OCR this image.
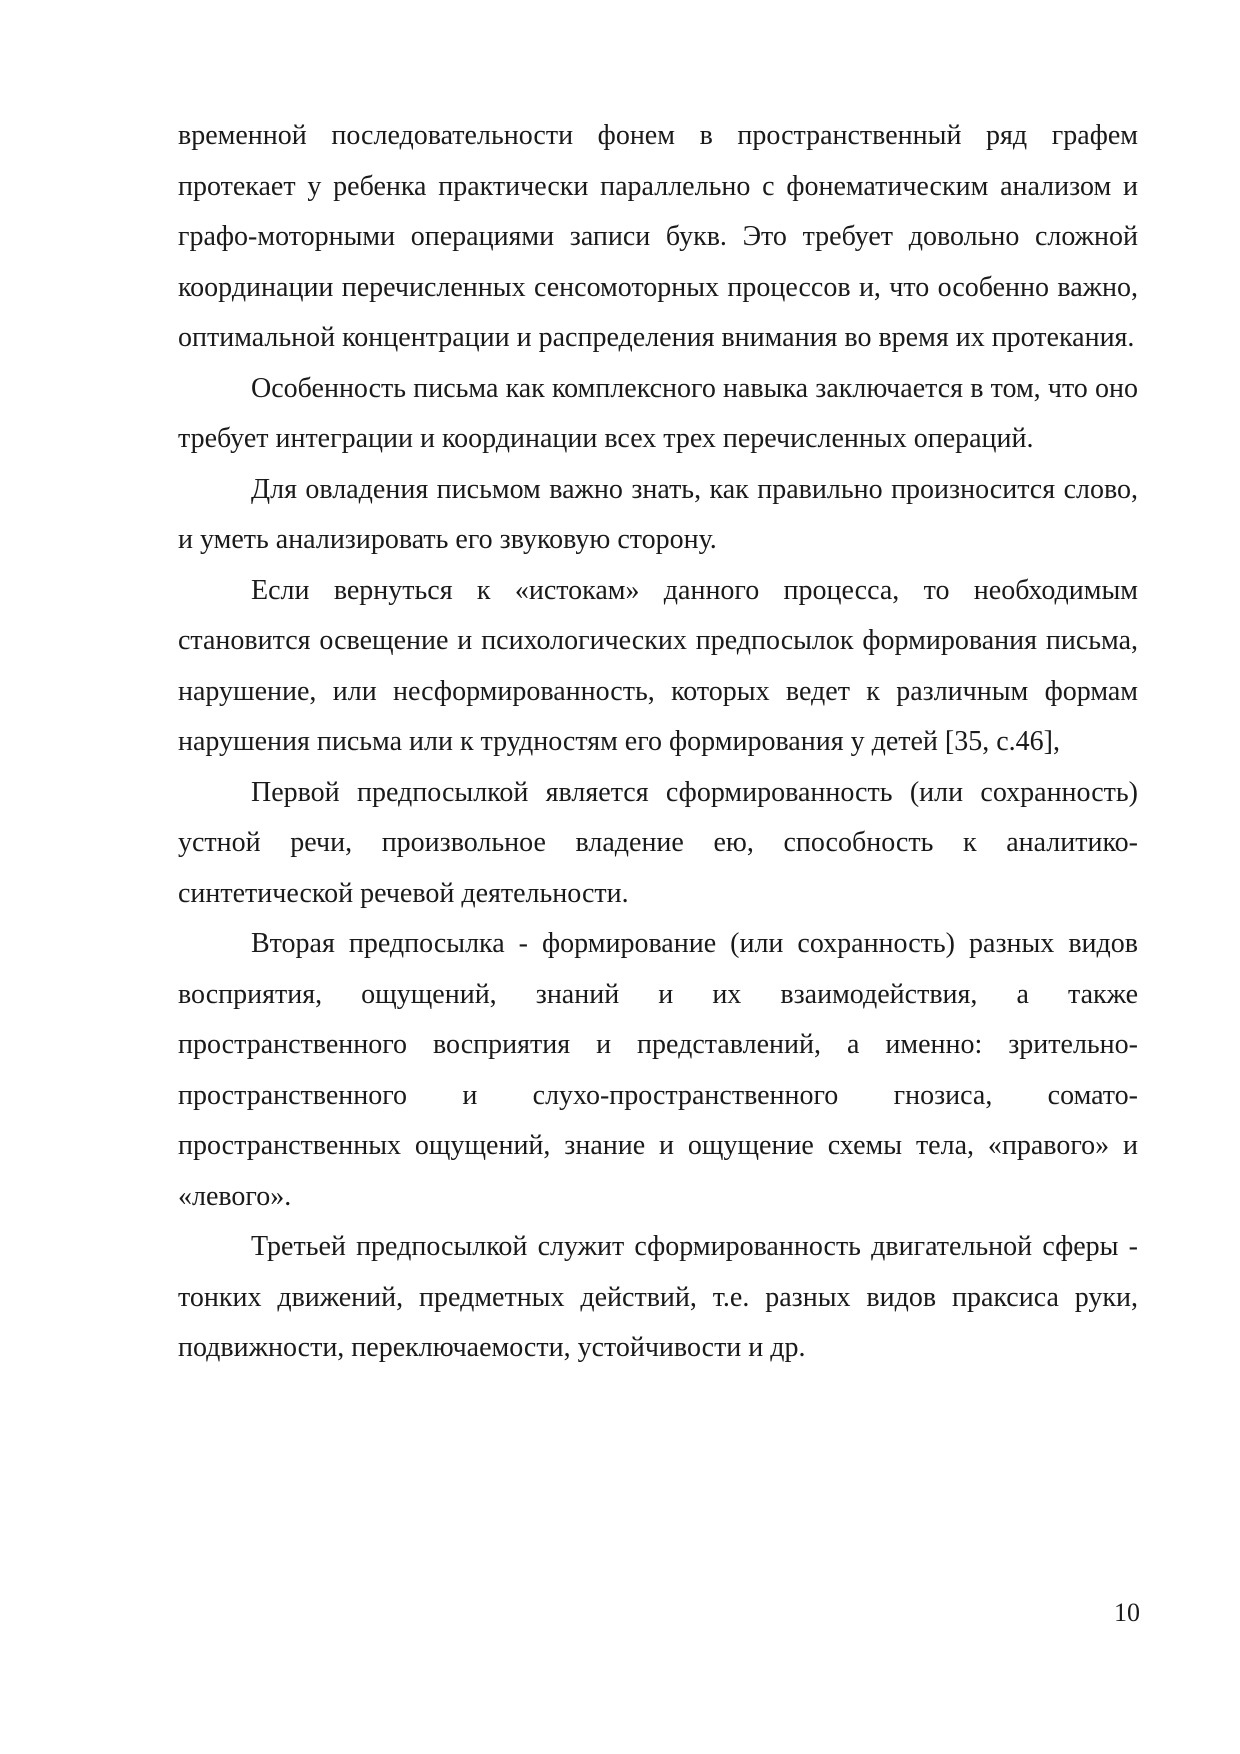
временной последовательности фонем в пространственный ряд графем протекает у ребенка практически параллельно с фонематическим анализом и графо-моторными операциями записи букв. Это требует довольно сложной координации перечисленных сенсомоторных процессов и, что особенно важно, оптимальной концентрации и распределения внимания во время их протекания.

Особенность письма как комплексного навыка заключается в том, что оно требует интеграции и координации всех трех перечисленных операций.

Для овладения письмом важно знать, как правильно произносится слово, и уметь анализировать его звуковую сторону.

Если вернуться к «истокам» данного процесса, то необходимым становится освещение и психологических предпосылок формирования письма, нарушение, или несформированность, которых ведет к различным формам нарушения письма или к трудностям его формирования у детей [35, с.46],

Первой предпосылкой является сформированность (или сохранность) устной речи, произвольное владение ею, способность к аналитико-синтетической речевой деятельности.

Вторая предпосылка - формирование (или сохранность) разных видов восприятия, ощущений, знаний и их взаимодействия, а также пространственного восприятия и представлений, а именно: зрительно-пространственного и слухо-пространственного гнозиса, сомато-пространственных ощущений, знание и ощущение схемы тела, «правого» и «левого».

Третьей предпосылкой служит сформированность двигательной сферы - тонких движений, предметных действий, т.е. разных видов праксиса руки, подвижности, переключаемости, устойчивости и др.

10
